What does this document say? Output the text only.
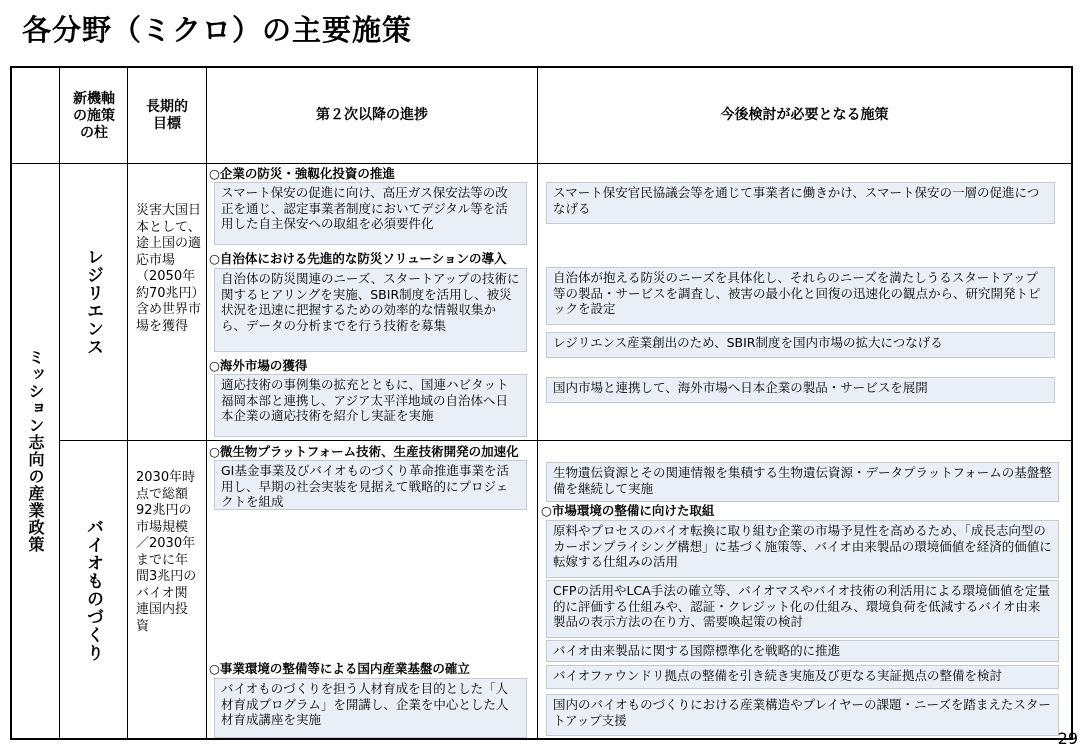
各分野（ミクロ）の主要施策
新機軸の施策の柱
長期的目標
第２次以降の進捗	今後検討が必要となる施策
ミッション志向の産業政策
レジリエンス
災害大国日本として、途上国の適応市場（2050年約70兆円）含め世界市場を獲得
○企業の防災・強靱化投資の推進
スマート保安の促進に向け、高圧ガス保安法等の改正を通じ、認定事業者制度においてデジタル等を活用した自主保安への取組を必須要件化
○自治体における先進的な防災ソリューションの導入
自治体の防災関連のニーズ、スタートアップの技術に関するヒアリングを実施、SBIR制度を活用し、被災状況を迅速に把握するための効率的な情報収集から、データの分析までを行う技術を募集
○海外市場の獲得
適応技術の事例集の拡充とともに、国連ハビタット福岡本部と連携し、アジア太平洋地域の自治体へ日本企業の適応技術を紹介し実証を実施
スマート保安官民協議会等を通じて事業者に働きかけ、スマート保安の一層の促進につなげる
自治体が抱える防災のニーズを具体化し、それらのニーズを満たしうるスタートアップ等の製品・サービスを調査し、被害の最小化と回復の迅速化の観点から、研究開発トピックを設定
レジリエンス産業創出のため、SBIR制度を国内市場の拡大につなげる
国内市場と連携して、海外市場へ日本企業の製品・サービスを展開
バイオものづくり
2030年時点で総額92兆円の市場規模／2030年までに年間3兆円のバイオ関連国内投資
○微生物プラットフォーム技術、生産技術開発の加速化
GI基金事業及びバイオものづくり革命推進事業を活用し、早期の社会実装を見据えて戦略的にプロジェクトを組成
○事業環境の整備等による国内産業基盤の確立
バイオものづくりを担う人材育成を目的とした「人材育成プログラム」を開講し、企業を中心とした人材育成講座を実施
生物遺伝資源とその関連情報を集積する生物遺伝資源・データプラットフォームの基盤整備を継続して実施
○市場環境の整備に向けた取組
原料やプロセスのバイオ転換に取り組む企業の市場予見性を高めるため、「成長志向型のカーボンプライシング構想」に基づく施策等、バイオ由来製品の環境価値を経済的価値に転嫁する仕組みの活用
CFPの活用やLCA手法の確立等、バイオマスやバイオ技術の利活用による環境価値を定量的に評価する仕組みや、認証・クレジット化の仕組み、環境負荷を低減するバイオ由来製品の表示方法の在り方、需要喚起策の検討
バイオ由来製品に関する国際標準化を戦略的に推進
バイオファウンドリ拠点の整備を引き続き実施及び更なる実証拠点の整備を検討
国内のバイオものづくりにおける産業構造やプレイヤーの課題・ニーズを踏まえたスタートアップ支援
29
